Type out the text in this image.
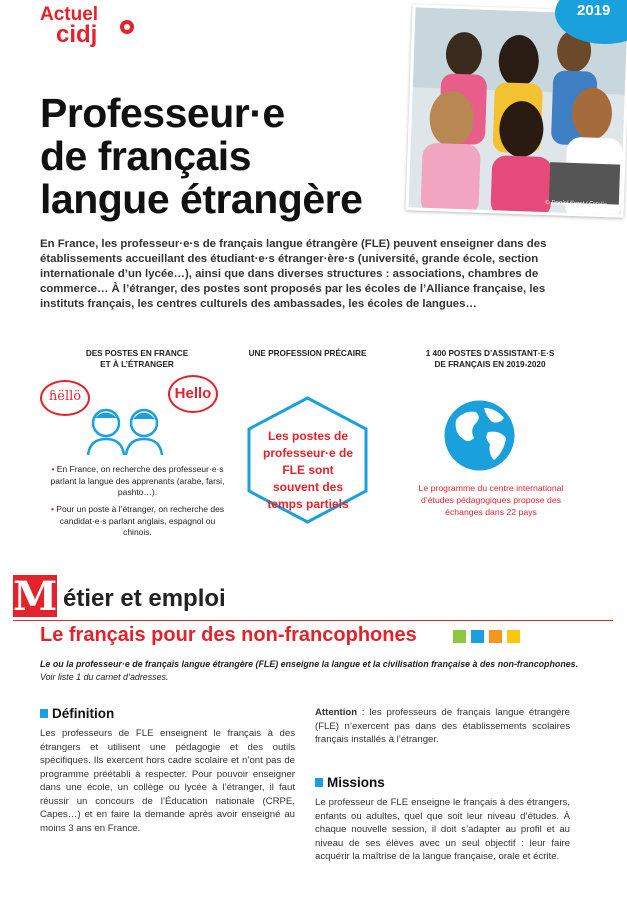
Actuel
cidj
© Daniel Ernst / Fotolia
2019
Professeur·e
de français
langue étrangère

En France, les professeur·e·s de français langue étrangère (FLE) peuvent enseigner dans des établissements accueillant des étudiant·e·s étranger·ère·s (université, grande école, section internationale d’un lycée…), ainsi que dans diverses structures : associations, chambres de commerce… À l’étranger, des postes sont proposés par les écoles de l’Alliance française, les instituts français, les centres culturels des ambassades, les écoles de langues…

DES POSTES EN FRANCE
ET À L’ÉTRANGER
ɦëllö	Hello
• En France, on recherche des professeur·e·s parlant la langue des apprenants (arabe, farsi, pashto…).
• Pour un poste à l’étranger, on recherche des candidat·e·s parlant anglais, espagnol ou chinois.
UNE PROFESSION PRÉCAIRE
Les postes de professeur·e de FLE sont souvent des temps partiels
1 400 POSTES D’ASSISTANT·E·S
DE FRANÇAIS EN 2019-2020
Le programme du centre international d’études pédagogiques propose des échanges dans 22 pays
M étier et emploi
Le français pour des non-francophones

Le ou la professeur·e de français langue étrangère (FLE) enseigne la langue et la civilisation française à des non-francophones. Voir liste 1 du carnet d’adresses.

Définition

Les professeurs de FLE enseignent le français à des étrangers et utilisent une pédagogie et des outils spécifiques. Ils exercent hors cadre scolaire et n’ont pas de programme préétabli à respecter. Pour pouvoir enseigner dans une école, un collège ou lycée à l’étranger, il faut réussir un concours de l’Éducation nationale (CRPE, Capes…) et en faire la demande après avoir enseigné au moins 3 ans en France.

Attention : les professeurs de français langue étrangère (FLE) n’exercent pas dans des établissements scolaires français installés à l’étranger.

Missions

Le professeur de FLE enseigne le français à des étrangers, enfants ou adultes, quel que soit leur niveau d’études. À chaque nouvelle session, il doit s’adapter au profil et au niveau de ses élèves avec un seul objectif : leur faire acquérir la maîtrise de la langue française, orale et écrite.
